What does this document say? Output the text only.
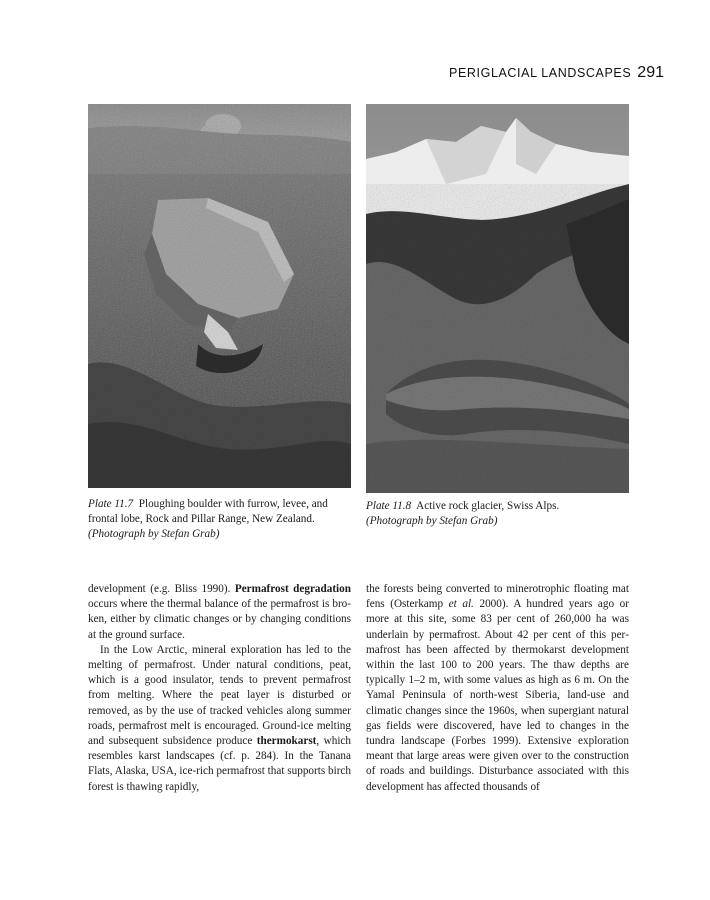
PERIGLACIAL LANDSCAPES 291
Plate 11.7 Ploughing boulder with furrow, levee, and frontal lobe, Rock and Pillar Range, New Zealand.
(Photograph by Stefan Grab)
Plate 11.8 Active rock glacier, Swiss Alps.
(Photograph by Stefan Grab)

development (e.g. Bliss 1990). Permafrost degradation occurs where the thermal balance of the permafrost is broken, either by climatic changes or by changing conditions at the ground surface.

In the Low Arctic, mineral exploration has led to the melting of permafrost. Under natural conditions, peat, which is a good insulator, tends to prevent permafrost from melting. Where the peat layer is disturbed or removed, as by the use of tracked vehicles along summer roads, permafrost melt is encouraged. Ground-ice melting and subsequent subsidence produce thermokarst, which resembles karst landscapes (cf. p. 284). In the Tanana Flats, Alaska, USA, ice-rich permafrost that supports birch forest is thawing rapidly,

the forests being converted to minerotrophic floating mat fens (Osterkamp et al. 2000). A hundred years ago or more at this site, some 83 per cent of 260,000 ha was underlain by permafrost. About 42 per cent of this permafrost has been affected by thermokarst development within the last 100 to 200 years. The thaw depths are typically 1–2 m, with some values as high as 6 m. On the Yamal Peninsula of north-west Siberia, land-use and climatic changes since the 1960s, when supergiant natural gas fields were discovered, have led to changes in the tundra landscape (Forbes 1999). Extensive exploration meant that large areas were given over to the construction of roads and buildings. Disturbance associated with this development has affected thousands of
